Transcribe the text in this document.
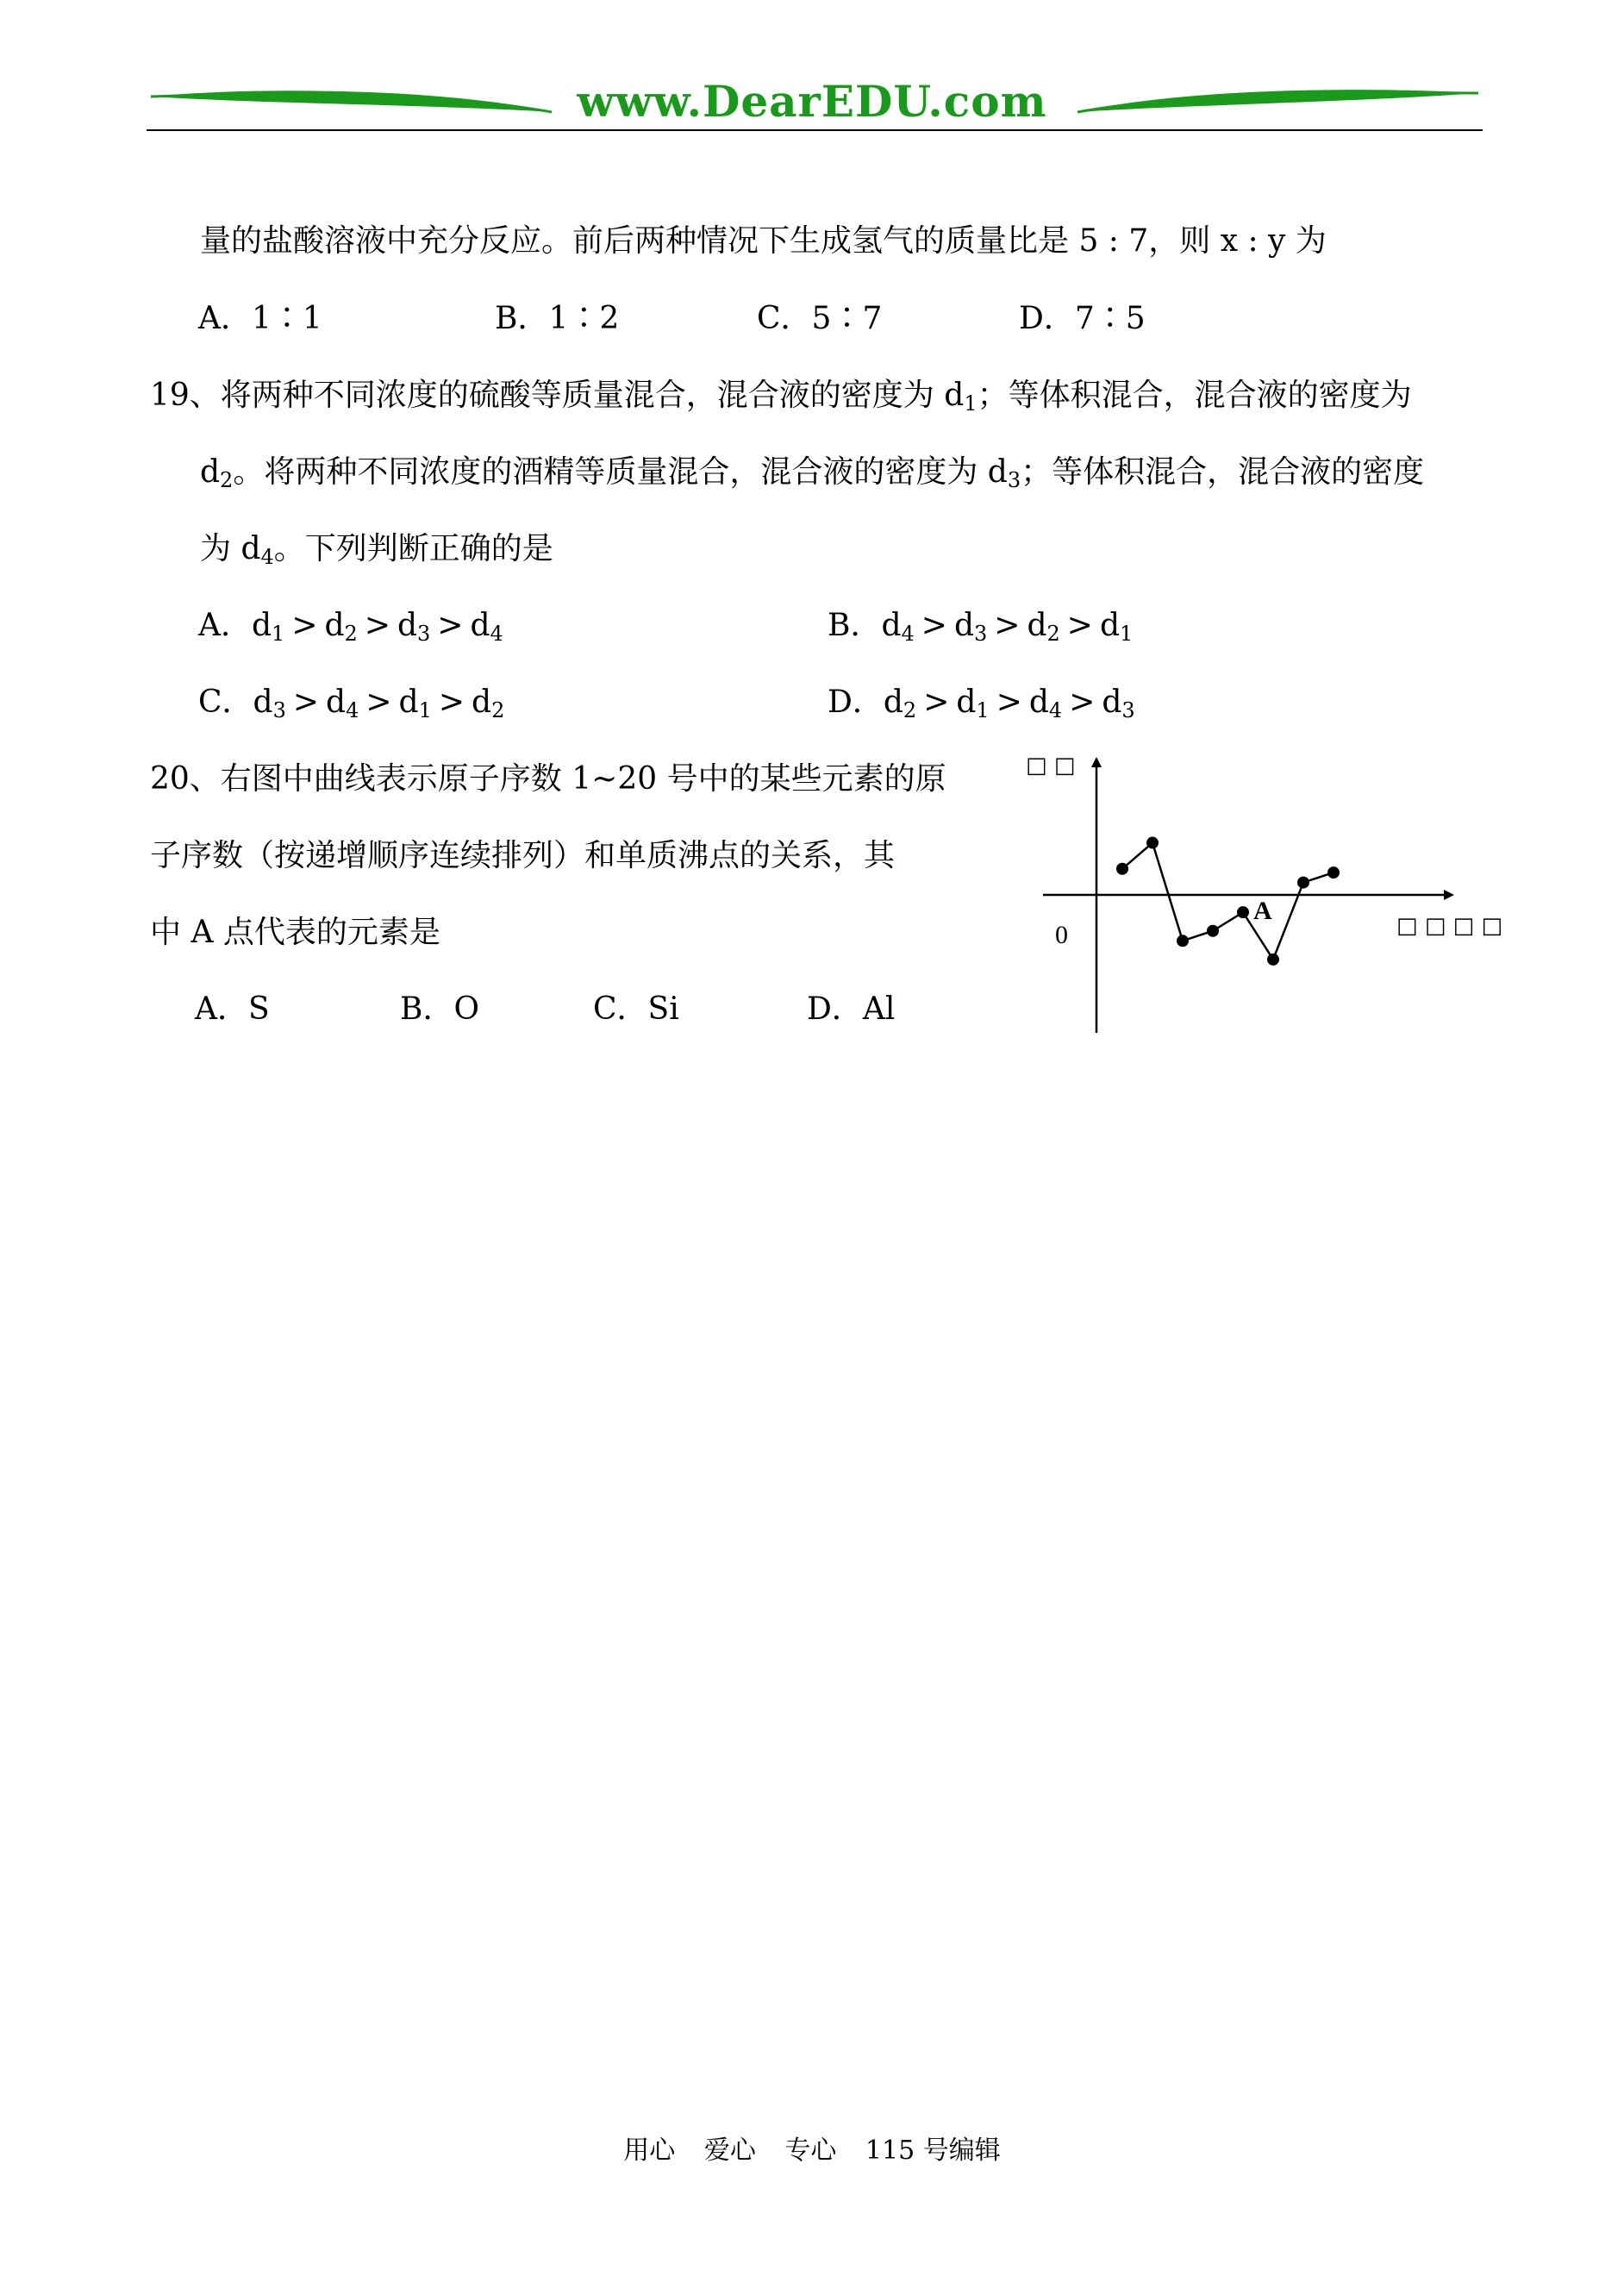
www.DearEDU.com
量的盐酸溶液中充分反应。前后两种情况下生成氢气的质量比是 5 : 7，则 x : y 为
A．1∶1	B．1∶2	C．5∶7	D．7∶5
19、将两种不同浓度的硫酸等质量混合，混合液的密度为 $d_1$；等体积混合，混合液的密度为
$d_2$。将两种不同浓度的酒精等质量混合，混合液的密度为 $d_3$；等体积混合，混合液的密度
为 $d_4$。下列判断正确的是
A．$d_1 > d_2 > d_3 > d_4$	B．$d_4 > d_3 > d_2 > d_1$
C．$d_3 > d_4 > d_1 > d_2$	D．$d_2 > d_1 > d_4 > d_3$
20、右图中曲线表示原子序数 1~20 号中的某些元素的原
子序数（按递增顺序连续排列）和单质沸点的关系，其
中 A 点代表的元素是
A．S	B．O	C．Si	D．Al
□ □
□ □ □ □
0
A
用心 爱心 专心 115 号编辑
